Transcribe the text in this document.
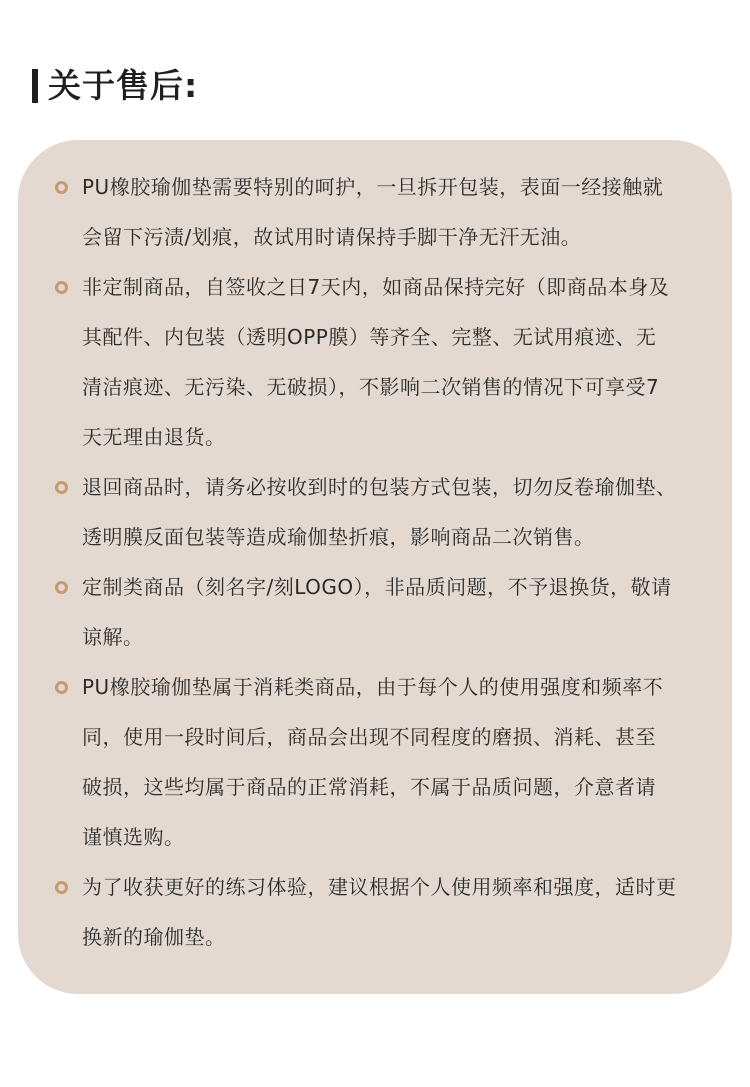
关于售后:
PU橡胶瑜伽垫需要特别的呵护，一旦拆开包装，表面一经接触就
会留下污渍/划痕，故试用时请保持手脚干净无汗无油。
非定制商品，自签收之日7天内，如商品保持完好（即商品本身及
其配件、内包装（透明OPP膜）等齐全、完整、无试用痕迹、无
清洁痕迹、无污染、无破损），不影响二次销售的情况下可享受7
天无理由退货。
退回商品时，请务必按收到时的包装方式包装，切勿反卷瑜伽垫、
透明膜反面包装等造成瑜伽垫折痕，影响商品二次销售。
定制类商品（刻名字/刻LOGO），非品质问题，不予退换货，敬请
谅解。
PU橡胶瑜伽垫属于消耗类商品，由于每个人的使用强度和频率不
同，使用一段时间后，商品会出现不同程度的磨损、消耗、甚至
破损，这些均属于商品的正常消耗，不属于品质问题，介意者请
谨慎选购。
为了收获更好的练习体验，建议根据个人使用频率和强度，适时更
换新的瑜伽垫。
